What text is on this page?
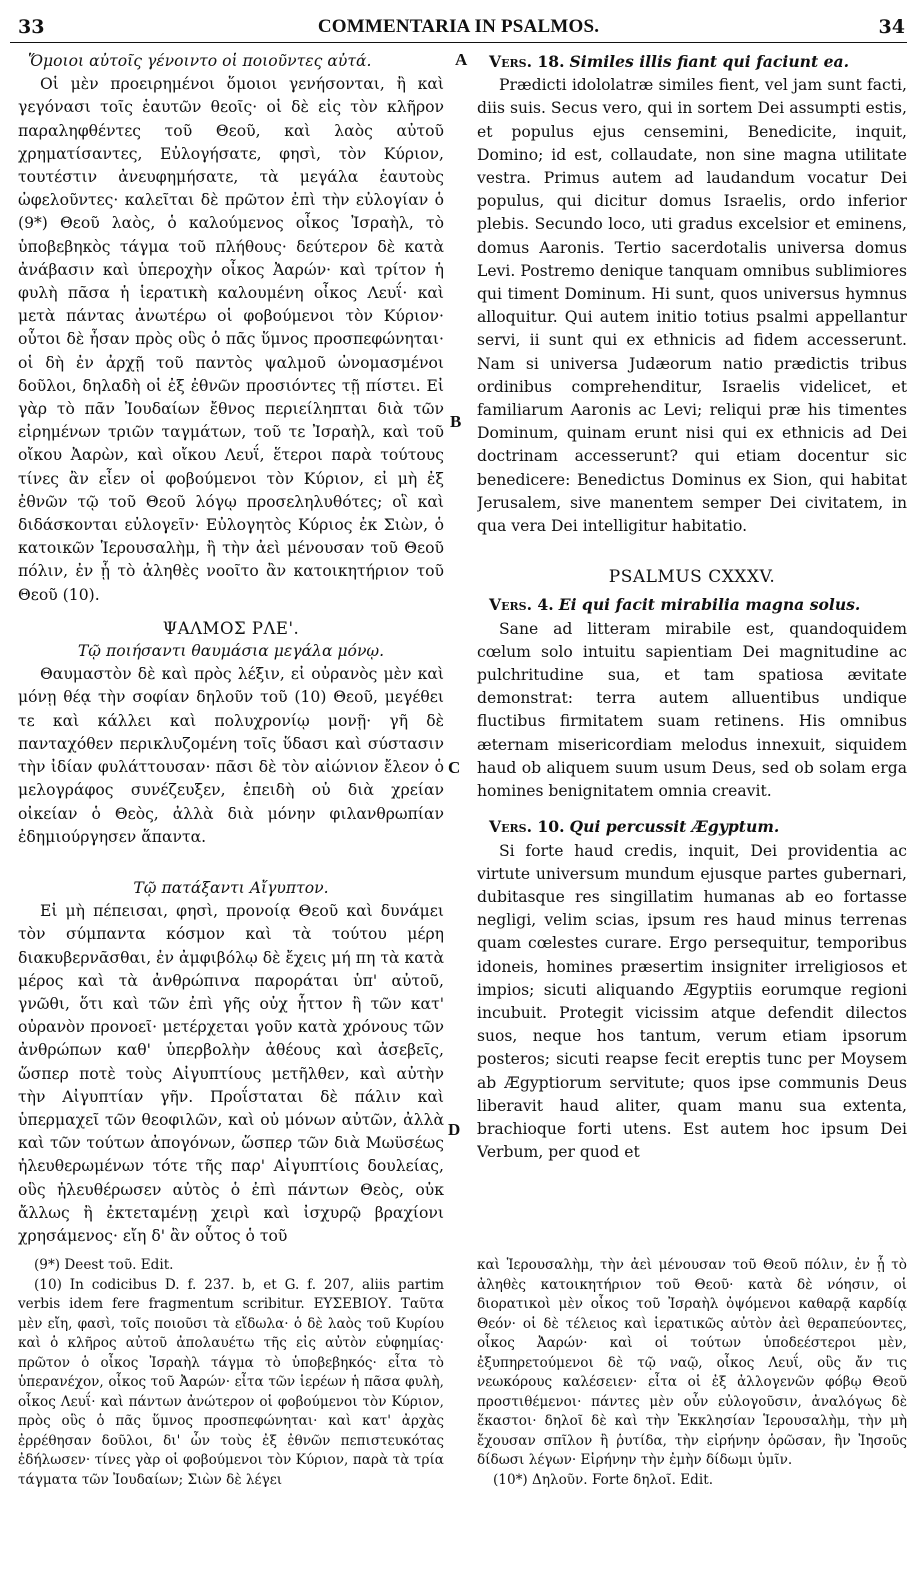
33	COMMENTARIA IN PSALMOS.	34
A
B
C
D

Ὅμοιοι αὐτοῖς γένοιντο οἱ ποιοῦντες αὐτά.

Οἱ μὲν προειρημένοι ὅμοιοι γενήσονται, ἢ καὶ γεγόνασι τοῖς ἑαυτῶν θεοῖς· οἱ δὲ εἰς τὸν κλῆρον παραληφθέντες τοῦ Θεοῦ, καὶ λαὸς αὐτοῦ χρηματίσαντες, Εὐλογήσατε, φησὶ, τὸν Κύριον, τουτέστιν ἀνευφημήσατε, τὰ μεγάλα ἑαυτοὺς ὠφελοῦντες· καλεῖται δὲ πρῶτον ἐπὶ τὴν εὐλογίαν ὁ (9*) Θεοῦ λαὸς, ὁ καλούμενος οἶκος Ἰσραὴλ, τὸ ὑποβεβηκὸς τάγμα τοῦ πλήθους· δεύτερον δὲ κατὰ ἀνάβασιν καὶ ὑπεροχὴν οἶκος Ἀαρών· καὶ τρίτον ἡ φυλὴ πᾶσα ἡ ἱερατικὴ καλουμένη οἶκος Λευΐ· καὶ μετὰ πάντας ἀνωτέρω οἱ φοβούμενοι τὸν Κύριον· οὗτοι δὲ ἦσαν πρὸς οὓς ὁ πᾶς ὕμνος προσπεφώνηται· οἱ δὴ ἐν ἀρχῇ τοῦ παντὸς ψαλμοῦ ὠνομασμένοι δοῦλοι, δηλαδὴ οἱ ἐξ ἐθνῶν προσιόντες τῇ πίστει. Εἰ γὰρ τὸ πᾶν Ἰουδαίων ἔθνος περιείληπται διὰ τῶν εἰρημένων τριῶν ταγμάτων, τοῦ τε Ἰσραὴλ, καὶ τοῦ οἴκου Ἀαρὼν, καὶ οἴκου Λευΐ, ἕτεροι παρὰ τούτους τίνες ἂν εἶεν οἱ φοβούμενοι τὸν Κύριον, εἰ μὴ ἐξ ἐθνῶν τῷ τοῦ Θεοῦ λόγῳ προσεληλυθότες; οἳ καὶ διδάσκονται εὐλογεῖν· Εὐλογητὸς Κύριος ἐκ Σιὼν, ὁ κατοικῶν Ἱερουσαλὴμ, ἢ τὴν ἀεὶ μένουσαν τοῦ Θεοῦ πόλιν, ἐν ᾗ τὸ ἀληθὲς νοοῖτο ἂν κατοικητήριον τοῦ Θεοῦ (10).

ΨΑΛΜΟΣ ΡΛΕ'.

Τῷ ποιήσαντι θαυμάσια μεγάλα μόνῳ.

Θαυμαστὸν δὲ καὶ πρὸς λέξιν, εἰ οὐρανὸς μὲν καὶ μόνῃ θέᾳ τὴν σοφίαν δηλοῦν τοῦ (10) Θεοῦ, μεγέθει τε καὶ κάλλει καὶ πολυχρονίῳ μονῇ· γῆ δὲ πανταχόθεν περικλυζομένη τοῖς ὕδασι καὶ σύστασιν τὴν ἰδίαν φυλάττουσαν· πᾶσι δὲ τὸν αἰώνιον ἔλεον ὁ μελογράφος συνέζευξεν, ἐπειδὴ οὐ διὰ χρείαν οἰκείαν ὁ Θεὸς, ἀλλὰ διὰ μόνην φιλανθρωπίαν ἐδημιούργησεν ἅπαντα.

Τῷ πατάξαντι Αἴγυπτον.

Εἰ μὴ πέπεισαι, φησὶ, προνοίᾳ Θεοῦ καὶ δυνάμει τὸν σύμπαντα κόσμον καὶ τὰ τούτου μέρη διακυβερνᾶσθαι, ἐν ἀμφιβόλῳ δὲ ἔχεις μή πη τὰ κατὰ μέρος καὶ τὰ ἀνθρώπινα παροράται ὑπ' αὐτοῦ, γνῶθι, ὅτι καὶ τῶν ἐπὶ γῆς οὐχ ἧττον ἢ τῶν κατ' οὐρανὸν προνοεῖ· μετέρχεται γοῦν κατὰ χρόνους τῶν ἀνθρώπων καθ' ὑπερβολὴν ἀθέους καὶ ἀσεβεῖς, ὥσπερ ποτὲ τοὺς Αἰγυπτίους μετῆλθεν, καὶ αὐτὴν τὴν Αἰγυπτίαν γῆν. Προΐσταται δὲ πάλιν καὶ ὑπερμαχεῖ τῶν θεοφιλῶν, καὶ οὐ μόνων αὐτῶν, ἀλλὰ καὶ τῶν τούτων ἀπογόνων, ὥσπερ τῶν διὰ Μωϋσέως ἠλευθερωμένων τότε τῆς παρ' Αἰγυπτίοις δουλείας, οὓς ἠλευθέρωσεν αὐτὸς ὁ ἐπὶ πάντων Θεὸς, οὐκ ἄλλως ἢ ἐκτεταμένῃ χειρὶ καὶ ἰσχυρῷ βραχίονι χρησάμενος· εἴη δ' ἂν οὗτος ὁ τοῦ

Vers. 18. Similes illis fiant qui faciunt ea.

Prædicti idololatræ similes fient, vel jam sunt facti, diis suis. Secus vero, qui in sortem Dei assumpti estis, et populus ejus censemini, Benedicite, inquit, Domino; id est, collaudate, non sine magna utilitate vestra. Primus autem ad laudandum vocatur Dei populus, qui dicitur domus Israelis, ordo inferior plebis. Secundo loco, uti gradus excelsior et eminens, domus Aaronis. Tertio sacerdotalis universa domus Levi. Postremo denique tanquam omnibus sublimiores qui timent Dominum. Hi sunt, quos universus hymnus alloquitur. Qui autem initio totius psalmi appellantur servi, ii sunt qui ex ethnicis ad fidem accesserunt. Nam si universa Judæorum natio prædictis tribus ordinibus comprehenditur, Israelis videlicet, et familiarum Aaronis ac Levi; reliqui præ his timentes Dominum, quinam erunt nisi qui ex ethnicis ad Dei doctrinam accesserunt? qui etiam docentur sic benedicere: Benedictus Dominus ex Sion, qui habitat Jerusalem, sive manentem semper Dei civitatem, in qua vera Dei intelligitur habitatio.

PSALMUS CXXXV.

Vers. 4. Ei qui facit mirabilia magna solus.

Sane ad litteram mirabile est, quandoquidem cœlum solo intuitu sapientiam Dei magnitudine ac pulchritudine sua, et tam spatiosa ævitate demonstrat: terra autem alluentibus undique fluctibus firmitatem suam retinens. His omnibus æternam misericordiam melodus innexuit, siquidem haud ob aliquem suum usum Deus, sed ob solam erga homines benignitatem omnia creavit.

Vers. 10. Qui percussit Ægyptum.

Si forte haud credis, inquit, Dei providentia ac virtute universum mundum ejusque partes gubernari, dubitasque res singillatim humanas ab eo fortasse negligi, velim scias, ipsum res haud minus terrenas quam cœlestes curare. Ergo persequitur, temporibus idoneis, homines præsertim insigniter irreligiosos et impios; sicuti aliquando Ægyptiis eorumque regioni incubuit. Protegit vicissim atque defendit dilectos suos, neque hos tantum, verum etiam ipsorum posteros; sicuti reapse fecit ereptis tunc per Moysem ab Ægyptiorum servitute; quos ipse communis Deus liberavit haud aliter, quam manu sua extenta, brachioque forti utens. Est autem hoc ipsum Dei Verbum, per quod et

(9*) Deest τοῦ. Edit.

(10) In codicibus D. f. 237. b, et G. f. 207, aliis partim verbis idem fere fragmentum scribitur. ΕΥΣΕΒΙΟΥ. Ταῦτα μὲν εἴη, φασὶ, τοῖς ποιοῦσι τὰ εἴδωλα· ὁ δὲ λαὸς τοῦ Κυρίου καὶ ὁ κλῆρος αὐτοῦ ἀπολαυέτω τῆς εἰς αὐτὸν εὐφημίας· πρῶτον ὁ οἶκος Ἰσραὴλ τάγμα τὸ ὑποβεβηκός· εἶτα τὸ ὑπερανέχον, οἶκος τοῦ Ἀαρών· εἶτα τῶν ἱερέων ἡ πᾶσα φυλὴ, οἶκος Λευΐ· καὶ πάντων ἀνώτερον οἱ φοβούμενοι τὸν Κύριον, πρὸς οὓς ὁ πᾶς ὕμνος προσπεφώνηται· καὶ κατ' ἀρχὰς ἐρρέθησαν δοῦλοι, δι' ὧν τοὺς ἐξ ἐθνῶν πεπιστευκότας ἐδήλωσεν· τίνες γὰρ οἱ φοβούμενοι τὸν Κύριον, παρὰ τὰ τρία τάγματα τῶν Ἰουδαίων; Σιὼν δὲ λέγει

καὶ Ἱερουσαλὴμ, τὴν ἀεὶ μένουσαν τοῦ Θεοῦ πόλιν, ἐν ᾗ τὸ ἀληθὲς κατοικητήριον τοῦ Θεοῦ· κατὰ δὲ νόησιν, οἱ διορατικοὶ μὲν οἶκος τοῦ Ἰσραὴλ ὀψόμενοι καθαρᾷ καρδίᾳ Θεόν· οἱ δὲ τέλειος καὶ ἱερατικῶς αὐτὸν ἀεὶ θεραπεύοντες, οἶκος Ἀαρών· καὶ οἱ τούτων ὑποδεέστεροι μὲν, ἐξυπηρετούμενοι δὲ τῷ ναῷ, οἶκος Λευΐ, οὓς ἄν τις νεωκόρους καλέσειεν· εἶτα οἱ ἐξ ἀλλογενῶν φόβῳ Θεοῦ προστιθέμενοι· πάντες μὲν οὖν εὐλογοῦσιν, ἀναλόγως δὲ ἕκαστοι· δηλοῖ δὲ καὶ τὴν Ἐκκλησίαν Ἱερουσαλὴμ, τὴν μὴ ἔχουσαν σπῖλον ἢ ῥυτίδα, τὴν εἰρήνην ὁρῶσαν, ἣν Ἰησοῦς δίδωσι λέγων· Εἰρήνην τὴν ἐμὴν δίδωμι ὑμῖν.

(10*) Δηλοῦν. Forte δηλοῖ. Edit.
